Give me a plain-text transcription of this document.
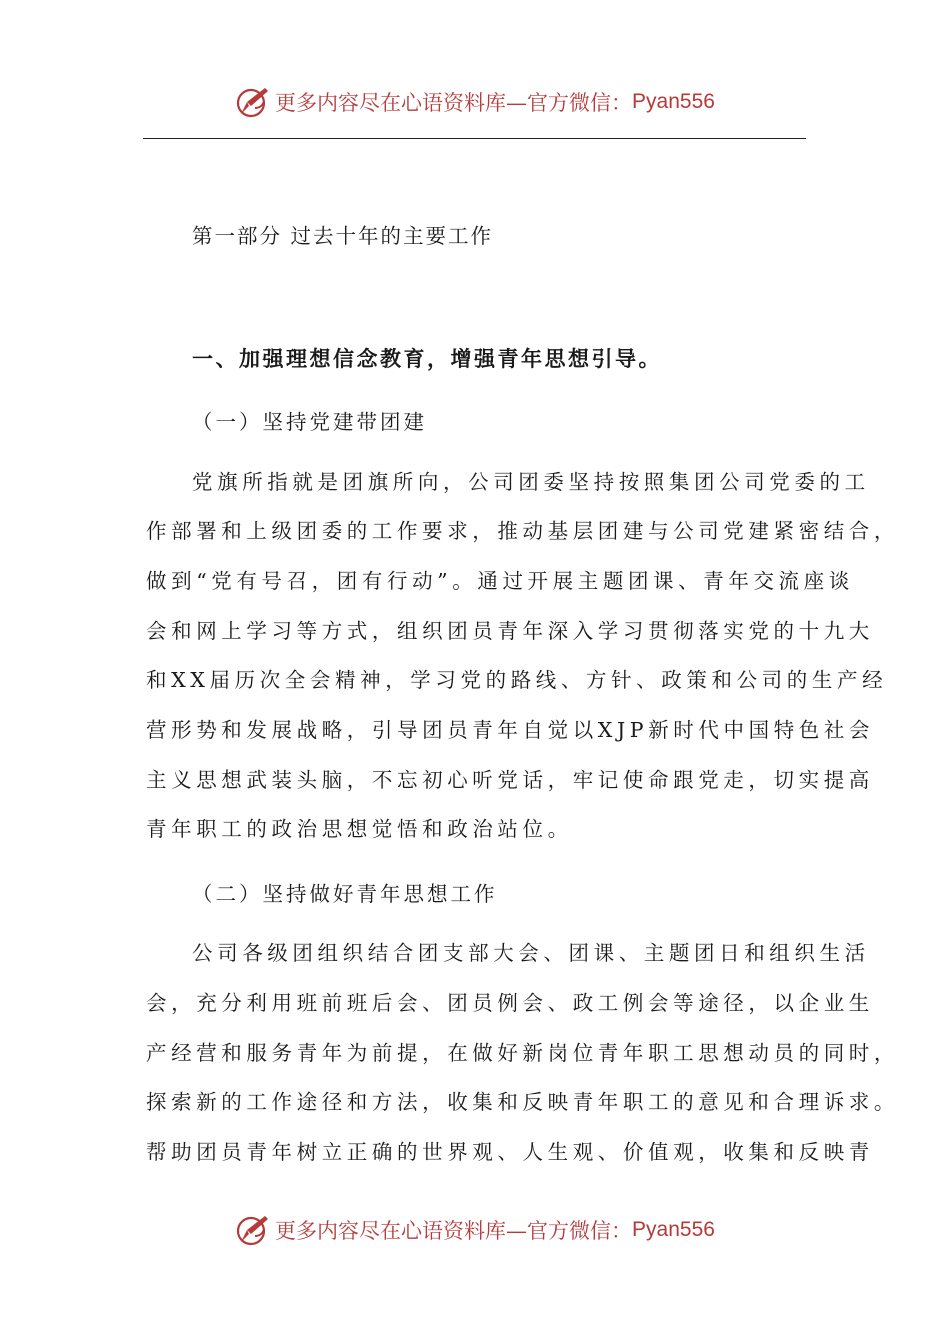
更多内容尽在心语资料库—官方微信： Pyan556
第一部分 过去十年的主要工作
一、加强理想信念教育，增强青年思想引导。
（一）坚持党建带团建
党旗所指就是团旗所向，公司团委坚持按照集团公司党委的工
作部署和上级团委的工作要求，推动基层团建与公司党建紧密结合，
做到“党有号召，团有行动”。通过开展主题团课、青年交流座谈
会和网上学习等方式，组织团员青年深入学习贯彻落实党的十九大
和XX届历次全会精神，学习党的路线、方针、政策和公司的生产经
营形势和发展战略，引导团员青年自觉以XJP新时代中国特色社会
主义思想武装头脑，不忘初心听党话，牢记使命跟党走，切实提高
青年职工的政治思想觉悟和政治站位。
（二）坚持做好青年思想工作
公司各级团组织结合团支部大会、团课、主题团日和组织生活
会，充分利用班前班后会、团员例会、政工例会等途径，以企业生
产经营和服务青年为前提，在做好新岗位青年职工思想动员的同时，
探索新的工作途径和方法，收集和反映青年职工的意见和合理诉求。
帮助团员青年树立正确的世界观、人生观、价值观，收集和反映青
更多内容尽在心语资料库—官方微信： Pyan556
